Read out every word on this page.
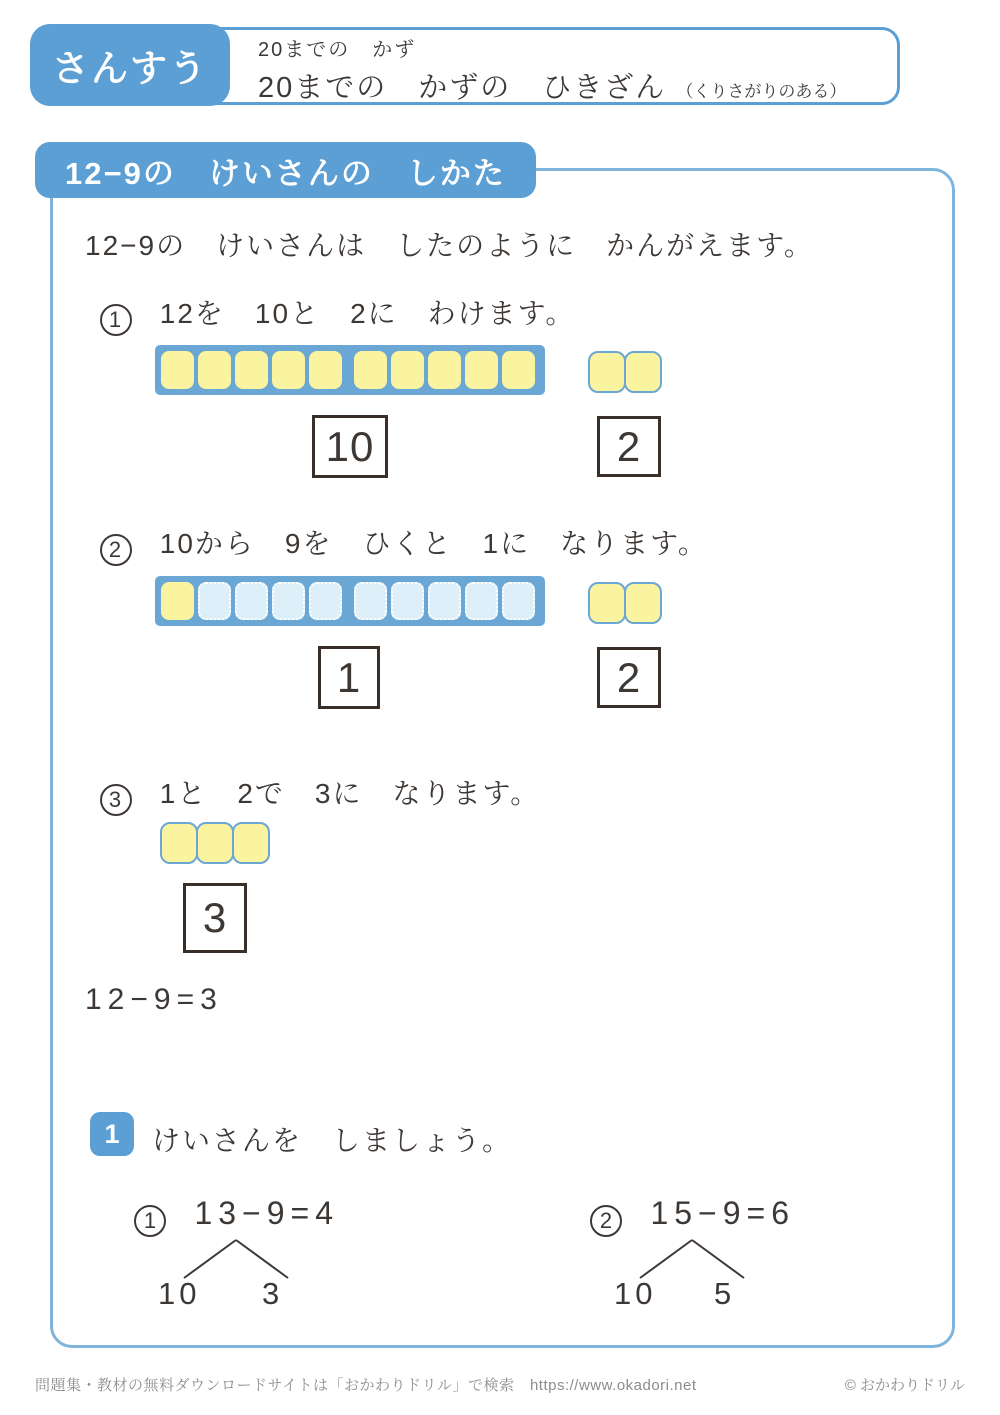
さんすう	20までの　かず
20までの　かずの　ひきざん （くりさがりのある）
12−9の　けいさんの　しかた
12−9の　けいさんは　したのように　かんがえます。
1 12を　10と　2に　わけます。
10	2
2 10から　9を　ひくと　1に　なります。
1	2
3 1と　2で　3に　なります。
3
12−9=3
1 けいさんを　しましょう。
1 13−9=4
10 3
2 15−9=6
10 5
問題集・教材の無料ダウンロードサイトは「おかわりドリル」で検索　https://www.okadori.net	© おかわりドリル
